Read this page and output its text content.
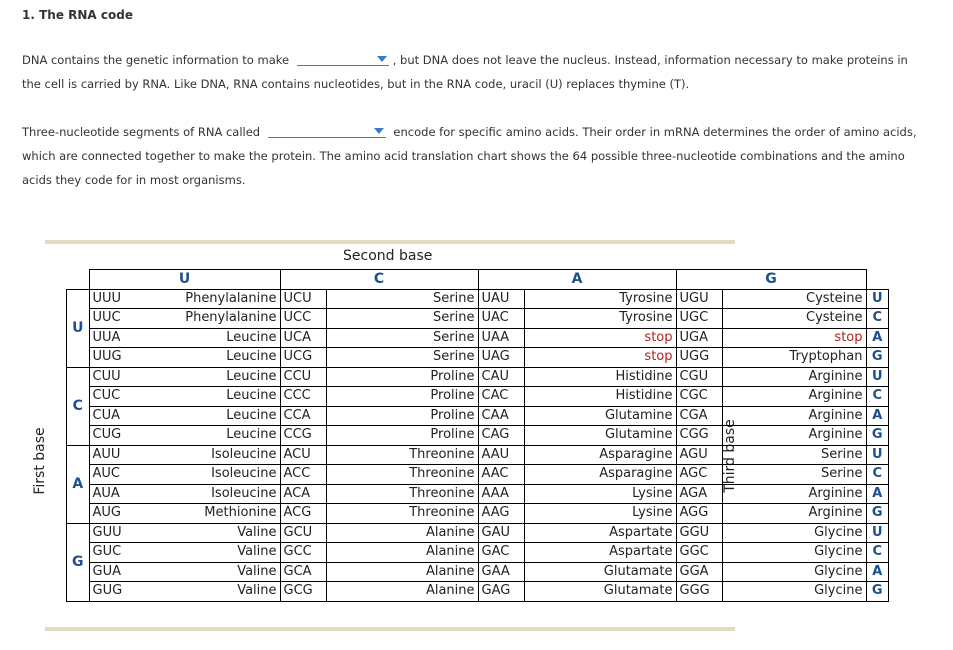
1. The RNA code
DNA contains the genetic information to make	, but DNA does not leave the nucleus. Instead, information necessary to make proteins in the cell is carried by RNA. Like DNA, RNA contains nucleotides, but in the RNA code, uracil (U) replaces thymine (T).
Three-nucleotide segments of RNA called	encode for specific amino acids. Their order in mRNA determines the order of amino acids, which are connected together to make the protein. The amino acid translation chart shows the 64 possible three-nucleotide combinations and the amino acids they code for in most organisms.
Second base
First base	Third base
	U		C		A		G		
U	UUU	Phenylalanine	UCU	Serine	UAU	Tyrosine	UGU	Cysteine	U
	UUC	Phenylalanine	UCC	Serine	UAC	Tyrosine	UGC	Cysteine	C
	UUA	Leucine	UCA	Serine	UAA	stop	UGA	stop	A
	UUG	Leucine	UCG	Serine	UAG	stop	UGG	Tryptophan	G
C	CUU	Leucine	CCU	Proline	CAU	Histidine	CGU	Arginine	U
	CUC	Leucine	CCC	Proline	CAC	Histidine	CGC	Arginine	C
	CUA	Leucine	CCA	Proline	CAA	Glutamine	CGA	Arginine	A
	CUG	Leucine	CCG	Proline	CAG	Glutamine	CGG	Arginine	G
A	AUU	Isoleucine	ACU	Threonine	AAU	Asparagine	AGU	Serine	U
	AUC	Isoleucine	ACC	Threonine	AAC	Asparagine	AGC	Serine	C
	AUA	Isoleucine	ACA	Threonine	AAA	Lysine	AGA	Arginine	A
	AUG	Methionine	ACG	Threonine	AAG	Lysine	AGG	Arginine	G
G	GUU	Valine	GCU	Alanine	GAU	Aspartate	GGU	Glycine	U
	GUC	Valine	GCC	Alanine	GAC	Aspartate	GGC	Glycine	C
	GUA	Valine	GCA	Alanine	GAA	Glutamate	GGA	Glycine	A
	GUG	Valine	GCG	Alanine	GAG	Glutamate	GGG	Glycine	G
